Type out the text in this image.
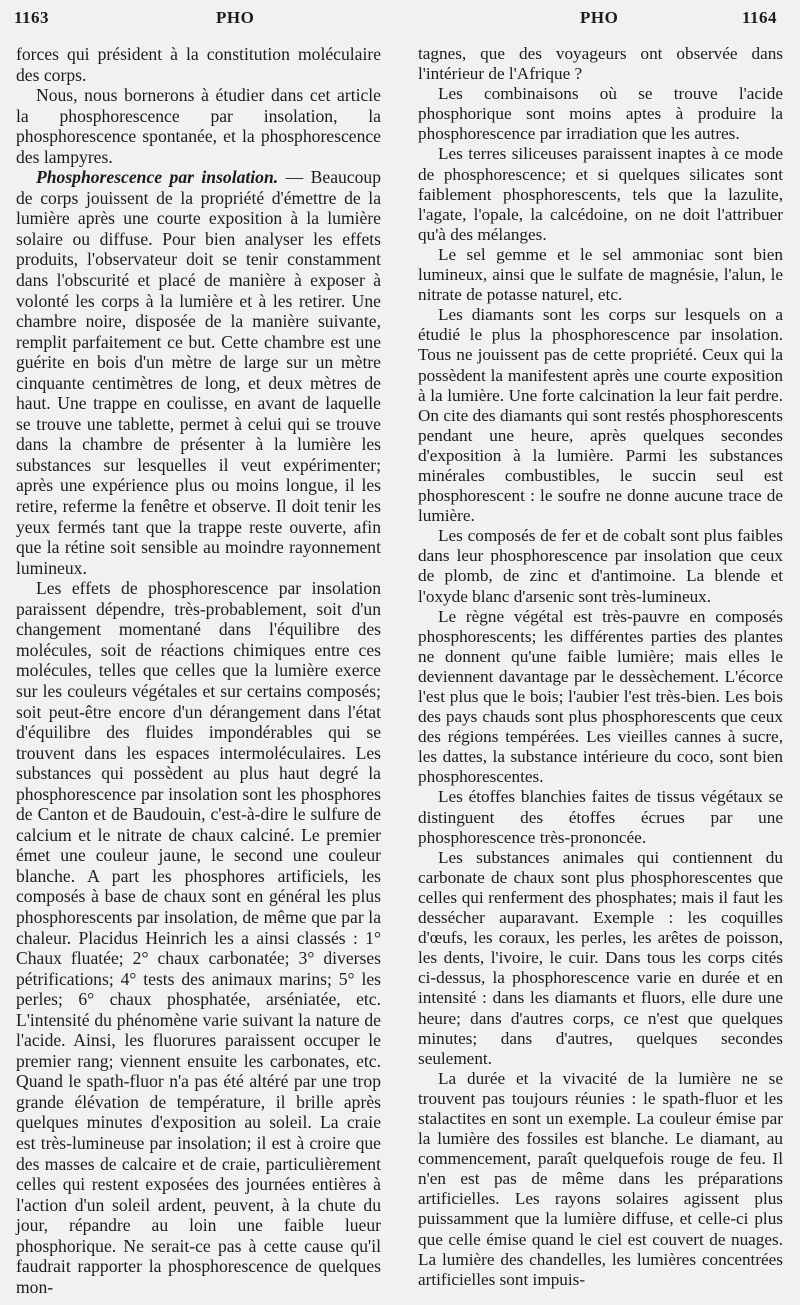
1163	PHO	PHO	1164

forces qui président à la constitution moléculaire des corps.

Nous, nous bornerons à étudier dans cet article la phosphorescence par insolation, la phosphorescence spontanée, et la phosphorescence des lampyres.

Phosphorescence par insolation. — Beaucoup de corps jouissent de la propriété d'émettre de la lumière après une courte exposition à la lumière solaire ou diffuse. Pour bien analyser les effets produits, l'observateur doit se tenir constamment dans l'obscurité et placé de manière à exposer à volonté les corps à la lumière et à les retirer. Une chambre noire, disposée de la manière suivante, remplit parfaitement ce but. Cette chambre est une guérite en bois d'un mètre de large sur un mètre cinquante centimètres de long, et deux mètres de haut. Une trappe en coulisse, en avant de laquelle se trouve une tablette, permet à celui qui se trouve dans la chambre de présenter à la lumière les substances sur lesquelles il veut expérimenter; après une expérience plus ou moins longue, il les retire, referme la fenêtre et observe. Il doit tenir les yeux fermés tant que la trappe reste ouverte, afin que la rétine soit sensible au moindre rayonnement lumineux.

Les effets de phosphorescence par insolation paraissent dépendre, très-probablement, soit d'un changement momentané dans l'équilibre des molécules, soit de réactions chimiques entre ces molécules, telles que celles que la lumière exerce sur les couleurs végétales et sur certains composés; soit peut-être encore d'un dérangement dans l'état d'équilibre des fluides impondérables qui se trouvent dans les espaces intermoléculaires. Les substances qui possèdent au plus haut degré la phosphorescence par insolation sont les phosphores de Canton et de Baudouin, c'est-à-dire le sulfure de calcium et le nitrate de chaux calciné. Le premier émet une couleur jaune, le second une couleur blanche. A part les phosphores artificiels, les composés à base de chaux sont en général les plus phosphorescents par insolation, de même que par la chaleur. Placidus Heinrich les a ainsi classés : 1° Chaux fluatée; 2° chaux carbonatée; 3° diverses pétrifications; 4° tests des animaux marins; 5° les perles; 6° chaux phosphatée, arséniatée, etc. L'intensité du phénomène varie suivant la nature de l'acide. Ainsi, les fluorures paraissent occuper le premier rang; viennent ensuite les carbonates, etc. Quand le spath-fluor n'a pas été altéré par une trop grande élévation de température, il brille après quelques minutes d'exposition au soleil. La craie est très-lumineuse par insolation; il est à croire que des masses de calcaire et de craie, particulièrement celles qui restent exposées des journées entières à l'action d'un soleil ardent, peuvent, à la chute du jour, répandre au loin une faible lueur phosphorique. Ne serait-ce pas à cette cause qu'il faudrait rapporter la phosphorescence de quelques mon-

tagnes, que des voyageurs ont observée dans l'intérieur de l'Afrique ?

Les combinaisons où se trouve l'acide phosphorique sont moins aptes à produire la phosphorescence par irradiation que les autres.

Les terres siliceuses paraissent inaptes à ce mode de phosphorescence; et si quelques silicates sont faiblement phosphorescents, tels que la lazulite, l'agate, l'opale, la calcédoine, on ne doit l'attribuer qu'à des mélanges.

Le sel gemme et le sel ammoniac sont bien lumineux, ainsi que le sulfate de magnésie, l'alun, le nitrate de potasse naturel, etc.

Les diamants sont les corps sur lesquels on a étudié le plus la phosphorescence par insolation. Tous ne jouissent pas de cette propriété. Ceux qui la possèdent la manifestent après une courte exposition à la lumière. Une forte calcination la leur fait perdre. On cite des diamants qui sont restés phosphorescents pendant une heure, après quelques secondes d'exposition à la lumière. Parmi les substances minérales combustibles, le succin seul est phosphorescent : le soufre ne donne aucune trace de lumière.

Les composés de fer et de cobalt sont plus faibles dans leur phosphorescence par insolation que ceux de plomb, de zinc et d'antimoine. La blende et l'oxyde blanc d'arsenic sont très-lumineux.

Le règne végétal est très-pauvre en composés phosphorescents; les différentes parties des plantes ne donnent qu'une faible lumière; mais elles le deviennent davantage par le dessèchement. L'écorce l'est plus que le bois; l'aubier l'est très-bien. Les bois des pays chauds sont plus phosphorescents que ceux des régions tempérées. Les vieilles cannes à sucre, les dattes, la substance intérieure du coco, sont bien phosphorescentes.

Les étoffes blanchies faites de tissus végétaux se distinguent des étoffes écrues par une phosphorescence très-prononcée.

Les substances animales qui contiennent du carbonate de chaux sont plus phosphorescentes que celles qui renferment des phosphates; mais il faut les dessécher auparavant. Exemple : les coquilles d'œufs, les coraux, les perles, les arêtes de poisson, les dents, l'ivoire, le cuir. Dans tous les corps cités ci-dessus, la phosphorescence varie en durée et en intensité : dans les diamants et fluors, elle dure une heure; dans d'autres corps, ce n'est que quelques minutes; dans d'autres, quelques secondes seulement.

La durée et la vivacité de la lumière ne se trouvent pas toujours réunies : le spath-fluor et les stalactites en sont un exemple. La couleur émise par la lumière des fossiles est blanche. Le diamant, au commencement, paraît quelquefois rouge de feu. Il n'en est pas de même dans les préparations artificielles. Les rayons solaires agissent plus puissamment que la lumière diffuse, et celle-ci plus que celle émise quand le ciel est couvert de nuages. La lumière des chandelles, les lumières concentrées artificielles sont impuis-
